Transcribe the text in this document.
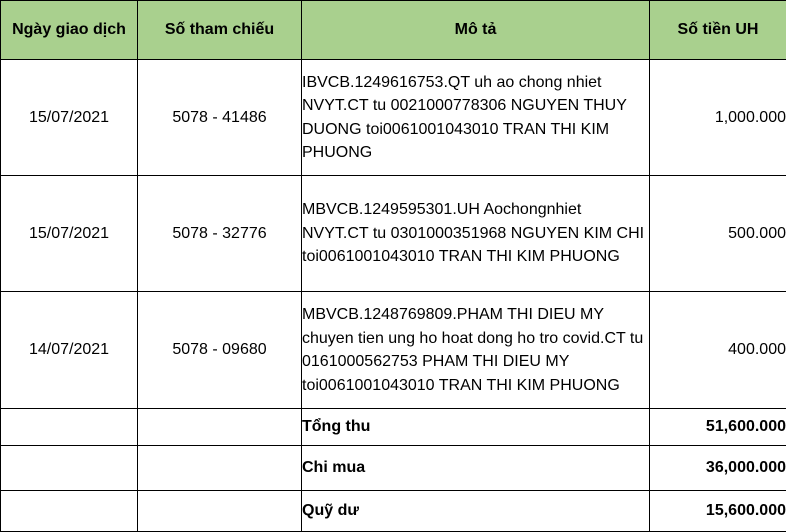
Ngày giao dịch	Số tham chiếu	Mô tả	Số tiền UH
15/07/2021	5078 - 41486	IBVCB.1249616753.QT uh ao chong nhiet NVYT.CT tu 0021000778306 NGUYEN THUY DUONG toi0061001043010 TRAN THI KIM PHUONG	1,000.000
15/07/2021	5078 - 32776	MBVCB.1249595301.UH Aochongnhiet NVYT.CT tu 0301000351968 NGUYEN KIM CHI toi0061001043010 TRAN THI KIM PHUONG	500.000
14/07/2021	5078 - 09680	MBVCB.1248769809.PHAM THI DIEU MY chuyen tien ung ho hoat dong ho tro covid.CT tu 0161000562753 PHAM THI DIEU MY toi0061001043010 TRAN THI KIM PHUONG	400.000
		Tổng thu	51,600.000
		Chi mua	36,000.000
		Quỹ dư	15,600.000
